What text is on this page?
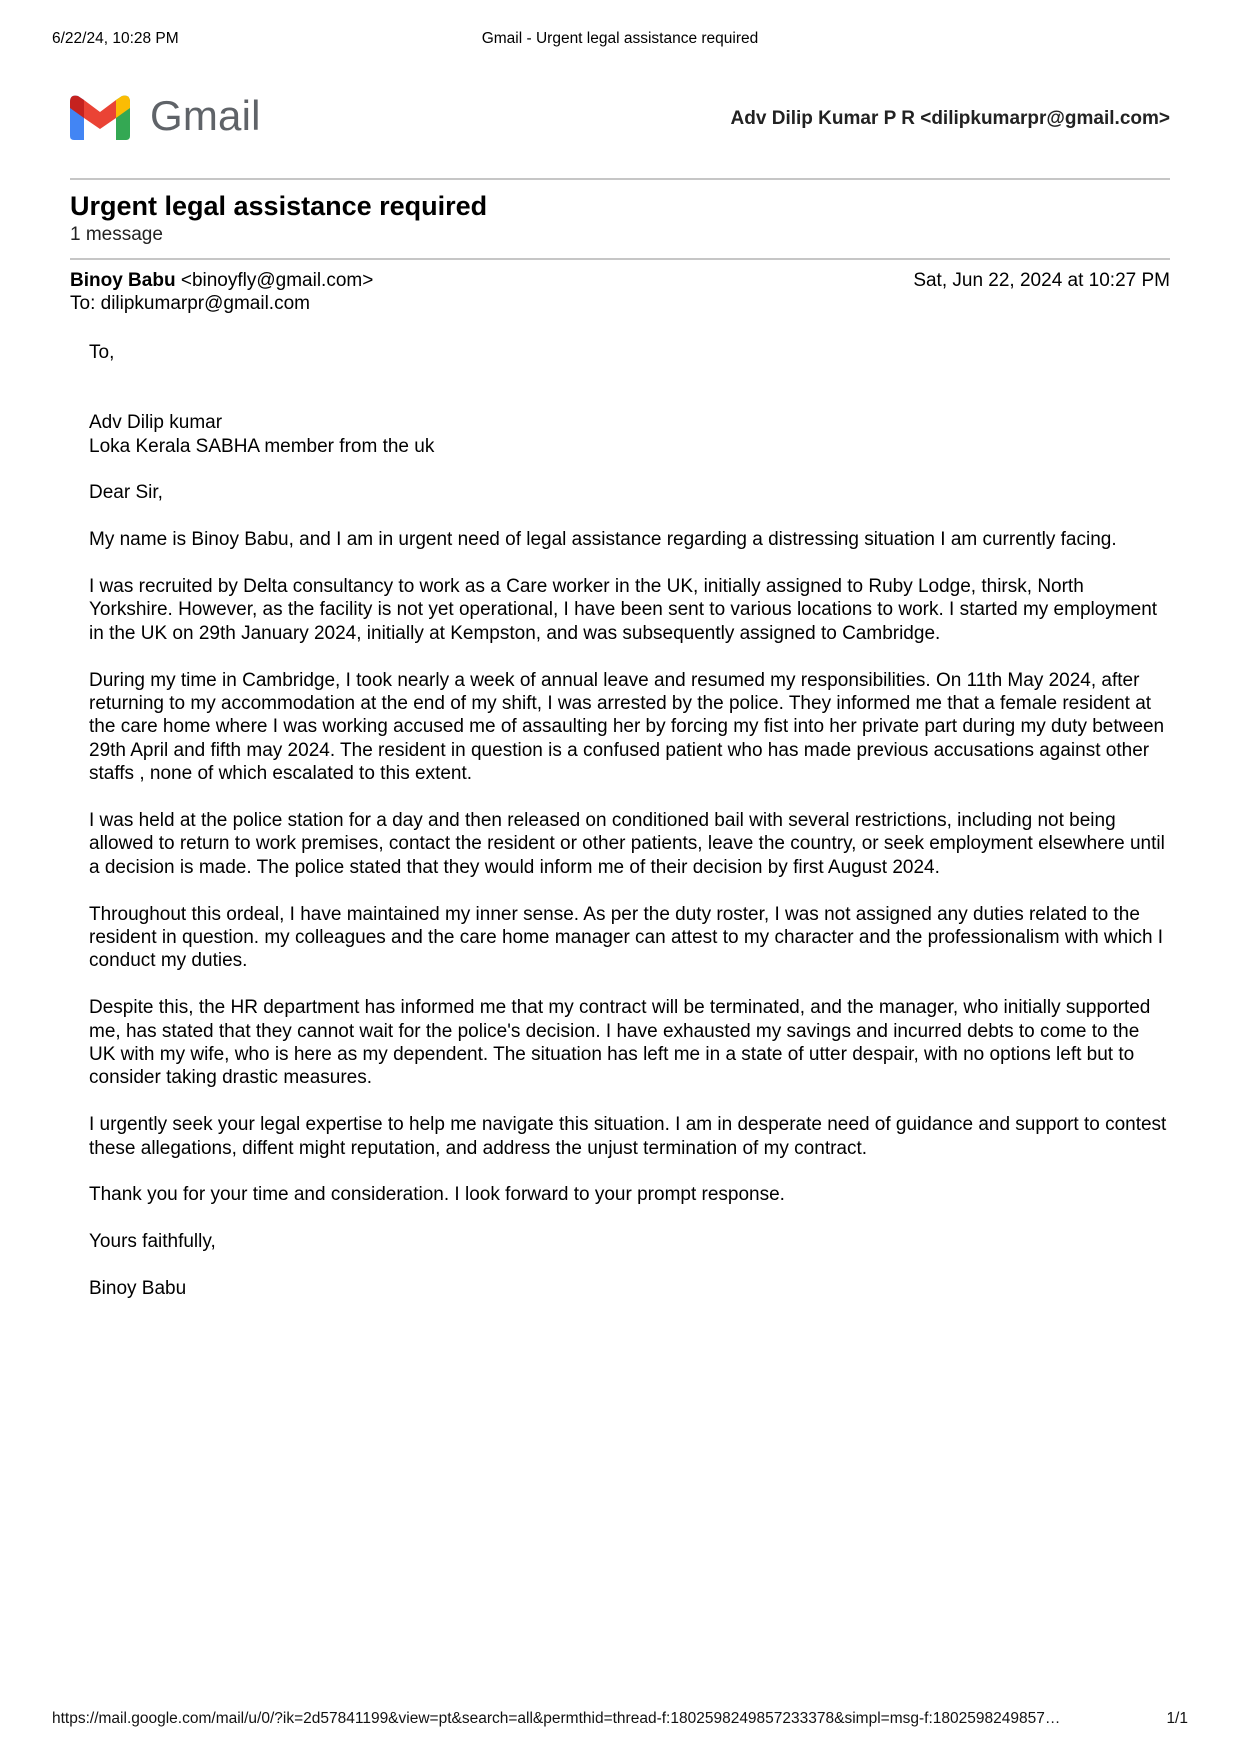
6/22/24, 10:28 PM	Gmail - Urgent legal assistance required
Gmail	Adv Dilip Kumar P R <dilipkumarpr@gmail.com>
Urgent legal assistance required
1 message
Binoy Babu <binoyfly@gmail.com>	Sat, Jun 22, 2024 at 10:27 PM
To: dilipkumarpr@gmail.com

To,

Adv Dilip kumar

Loka Kerala SABHA member from the uk

Dear Sir,

My name is Binoy Babu, and I am in urgent need of legal assistance regarding a distressing situation I am currently facing.

I was recruited by Delta consultancy to work as a Care worker in the UK, initially assigned to Ruby Lodge, thirsk, North Yorkshire. However, as the facility is not yet operational, I have been sent to various locations to work. I started my employment in the UK on 29th January 2024, initially at Kempston, and was subsequently assigned to Cambridge.

During my time in Cambridge, I took nearly a week of annual leave and resumed my responsibilities. On 11th May 2024, after returning to my accommodation at the end of my shift, I was arrested by the police. They informed me that a female resident at the care home where I was working accused me of assaulting her by forcing my fist into her private part during my duty between 29th April and fifth may 2024. The resident in question is a confused patient who has made previous accusations against other staffs , none of which escalated to this extent.

I was held at the police station for a day and then released on conditioned bail with several restrictions, including not being allowed to return to work premises, contact the resident or other patients, leave the country, or seek employment elsewhere until a decision is made. The police stated that they would inform me of their decision by first August 2024.

Throughout this ordeal, I have maintained my inner sense. As per the duty roster, I was not assigned any duties related to the resident in question. my colleagues and the care home manager can attest to my character and the professionalism with which I conduct my duties.

Despite this, the HR department has informed me that my contract will be terminated, and the manager, who initially supported me, has stated that they cannot wait for the police's decision. I have exhausted my savings and incurred debts to come to the UK with my wife, who is here as my dependent. The situation has left me in a state of utter despair, with no options left but to consider taking drastic measures.

I urgently seek your legal expertise to help me navigate this situation. I am in desperate need of guidance and support to contest these allegations, diffent might reputation, and address the unjust termination of my contract.

Thank you for your time and consideration. I look forward to your prompt response.

Yours faithfully,

Binoy Babu

https://mail.google.com/mail/u/0/?ik=2d57841199&view=pt&search=all&permthid=thread-f:1802598249857233378&simpl=msg-f:1802598249857…	1/1
